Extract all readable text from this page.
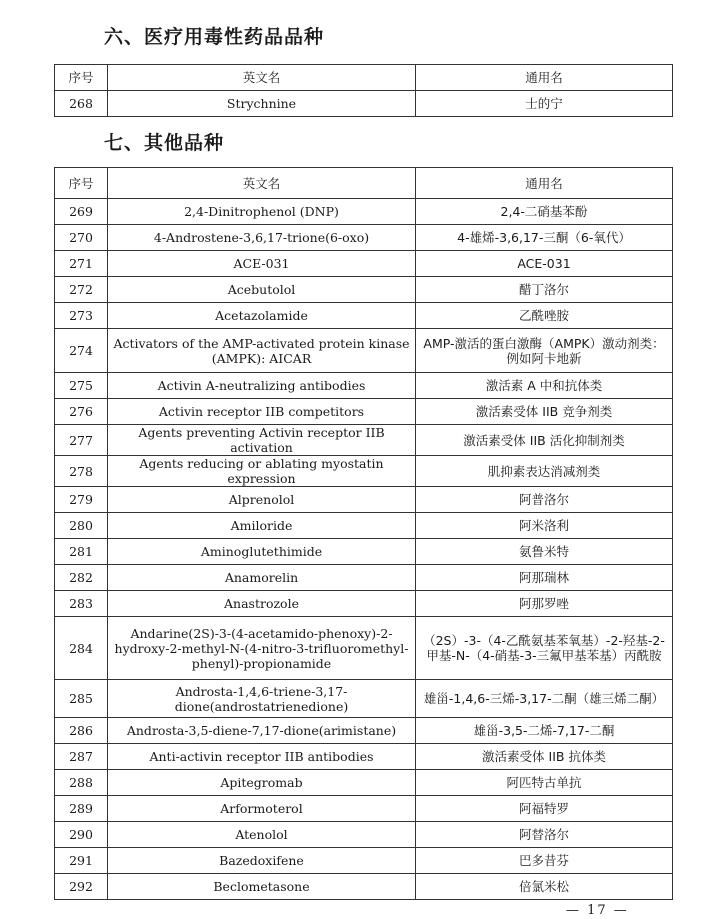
六、医疗用毒性药品品种
序号	英文名	通用名
268	Strychnine	士的宁
七、其他品种
序号	英文名	通用名
269	2,4-Dinitrophenol (DNP)	2,4-二硝基苯酚
270	4-Androstene-3,6,17-trione(6-oxo)	4-雄烯-3,6,17-三酮（6-氧代）
271	ACE-031	ACE-031
272	Acebutolol	醋丁洛尔
273	Acetazolamide	乙酰唑胺
274	Activators of the AMP-activated protein kinase (AMPK): AICAR	AMP-激活的蛋白激酶（AMPK）激动剂类：例如阿卡地新
275	Activin A-neutralizing antibodies	激活素 A 中和抗体类
276	Activin receptor IIB competitors	激活素受体 IIB 竞争剂类
277	Agents preventing Activin receptor IIB activation	激活素受体 IIB 活化抑制剂类
278	Agents reducing or ablating myostatin expression	肌抑素表达消减剂类
279	Alprenolol	阿普洛尔
280	Amiloride	阿米洛利
281	Aminoglutethimide	氨鲁米特
282	Anamorelin	阿那瑞林
283	Anastrozole	阿那罗唑
284	Andarine(2S)-3-(4-acetamido-phenoxy)-2-hydroxy-2-methyl-N-(4-nitro-3-trifluoromethyl-phenyl)-propionamide	（2S）-3-（4-乙酰氨基苯氧基）-2-羟基-2-甲基-N-（4-硝基-3-三氟甲基苯基）丙酰胺
285	Androsta-1,4,6-triene-3,17-dione(androstatrienedione)	雄甾-1,4,6-三烯-3,17-二酮（雄三烯二酮）
286	Androsta-3,5-diene-7,17-dione(arimistane)	雄甾-3,5-二烯-7,17-二酮
287	Anti-activin receptor IIB antibodies	激活素受体 IIB 抗体类
288	Apitegromab	阿匹特古单抗
289	Arformoterol	阿福特罗
290	Atenolol	阿替洛尔
291	Bazedoxifene	巴多昔芬
292	Beclometasone	倍氯米松
— 17 —
